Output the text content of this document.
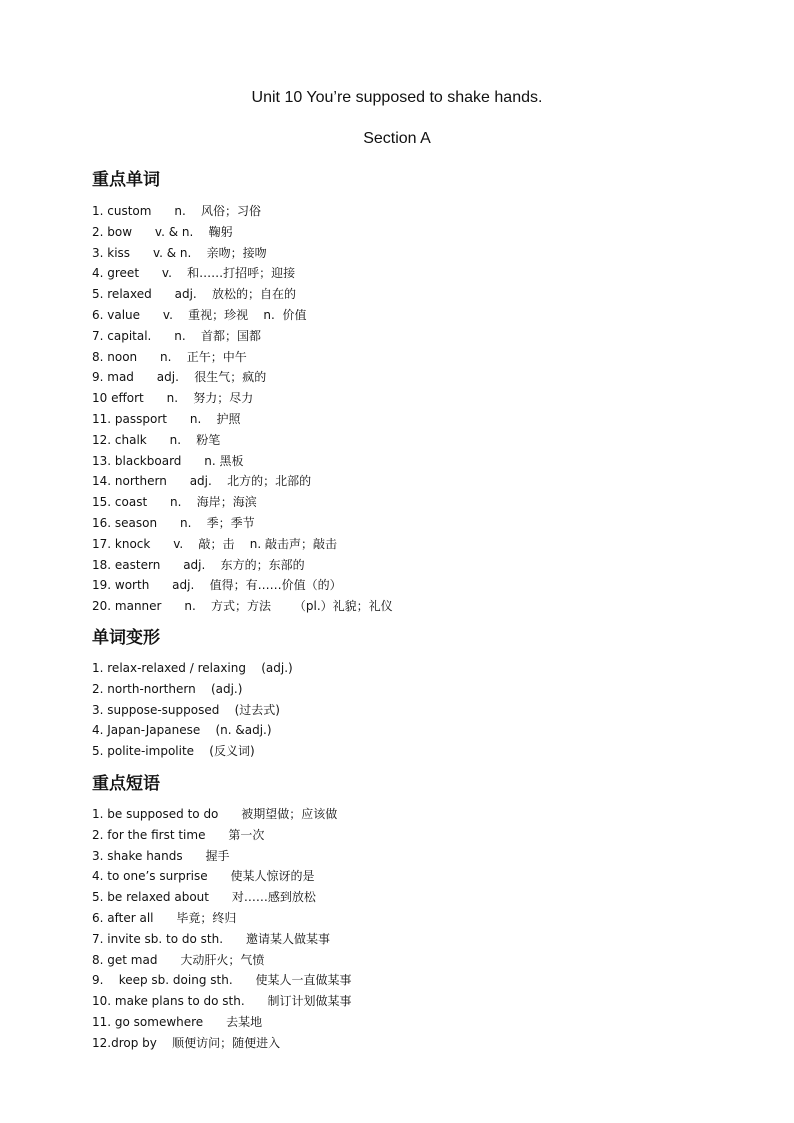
Unit 10 You’re supposed to shake hands.
Section A
重点单词
1. custom      n.    风俗；习俗
2. bow      v. & n.    鞠躬
3. kiss      v. & n.    亲吻；接吻
4. greet      v.    和……打招呼；迎接
5. relaxed      adj.    放松的；自在的
6. value      v.    重视；珍视    n.  价值
7. capital.      n.    首都；国都
8. noon      n.    正午；中午
9. mad      adj.    很生气；疯的
10 effort      n.    努力；尽力
11. passport      n.    护照
12. chalk      n.    粉笔
13. blackboard      n. 黑板
14. northern      adj.    北方的；北部的
15. coast      n.    海岸；海滨
16. season      n.    季；季节
17. knock      v.    敲；击    n. 敲击声；敲击
18. eastern      adj.    东方的；东部的
19. worth      adj.    值得；有……价值（的）
20. manner      n.    方式；方法      （pl.）礼貌；礼仪
单词变形
1. relax-relaxed / relaxing    (adj.)
2. north-northern    (adj.)
3. suppose-supposed    (过去式)
4. Japan-Japanese    (n. &adj.)
5. polite-impolite    (反义词)
重点短语
1. be supposed to do      被期望做；应该做
2. for the first time      第一次
3. shake hands      握手
4. to one’s surprise      使某人惊讶的是
5. be relaxed about      对……感到放松
6. after all      毕竟；终归
7. invite sb. to do sth.      邀请某人做某事
8. get mad      大动肝火；气愤
9.    keep sb. doing sth.      使某人一直做某事
10. make plans to do sth.      制订计划做某事
11. go somewhere      去某地
12.drop by    顺便访问；随便进入
